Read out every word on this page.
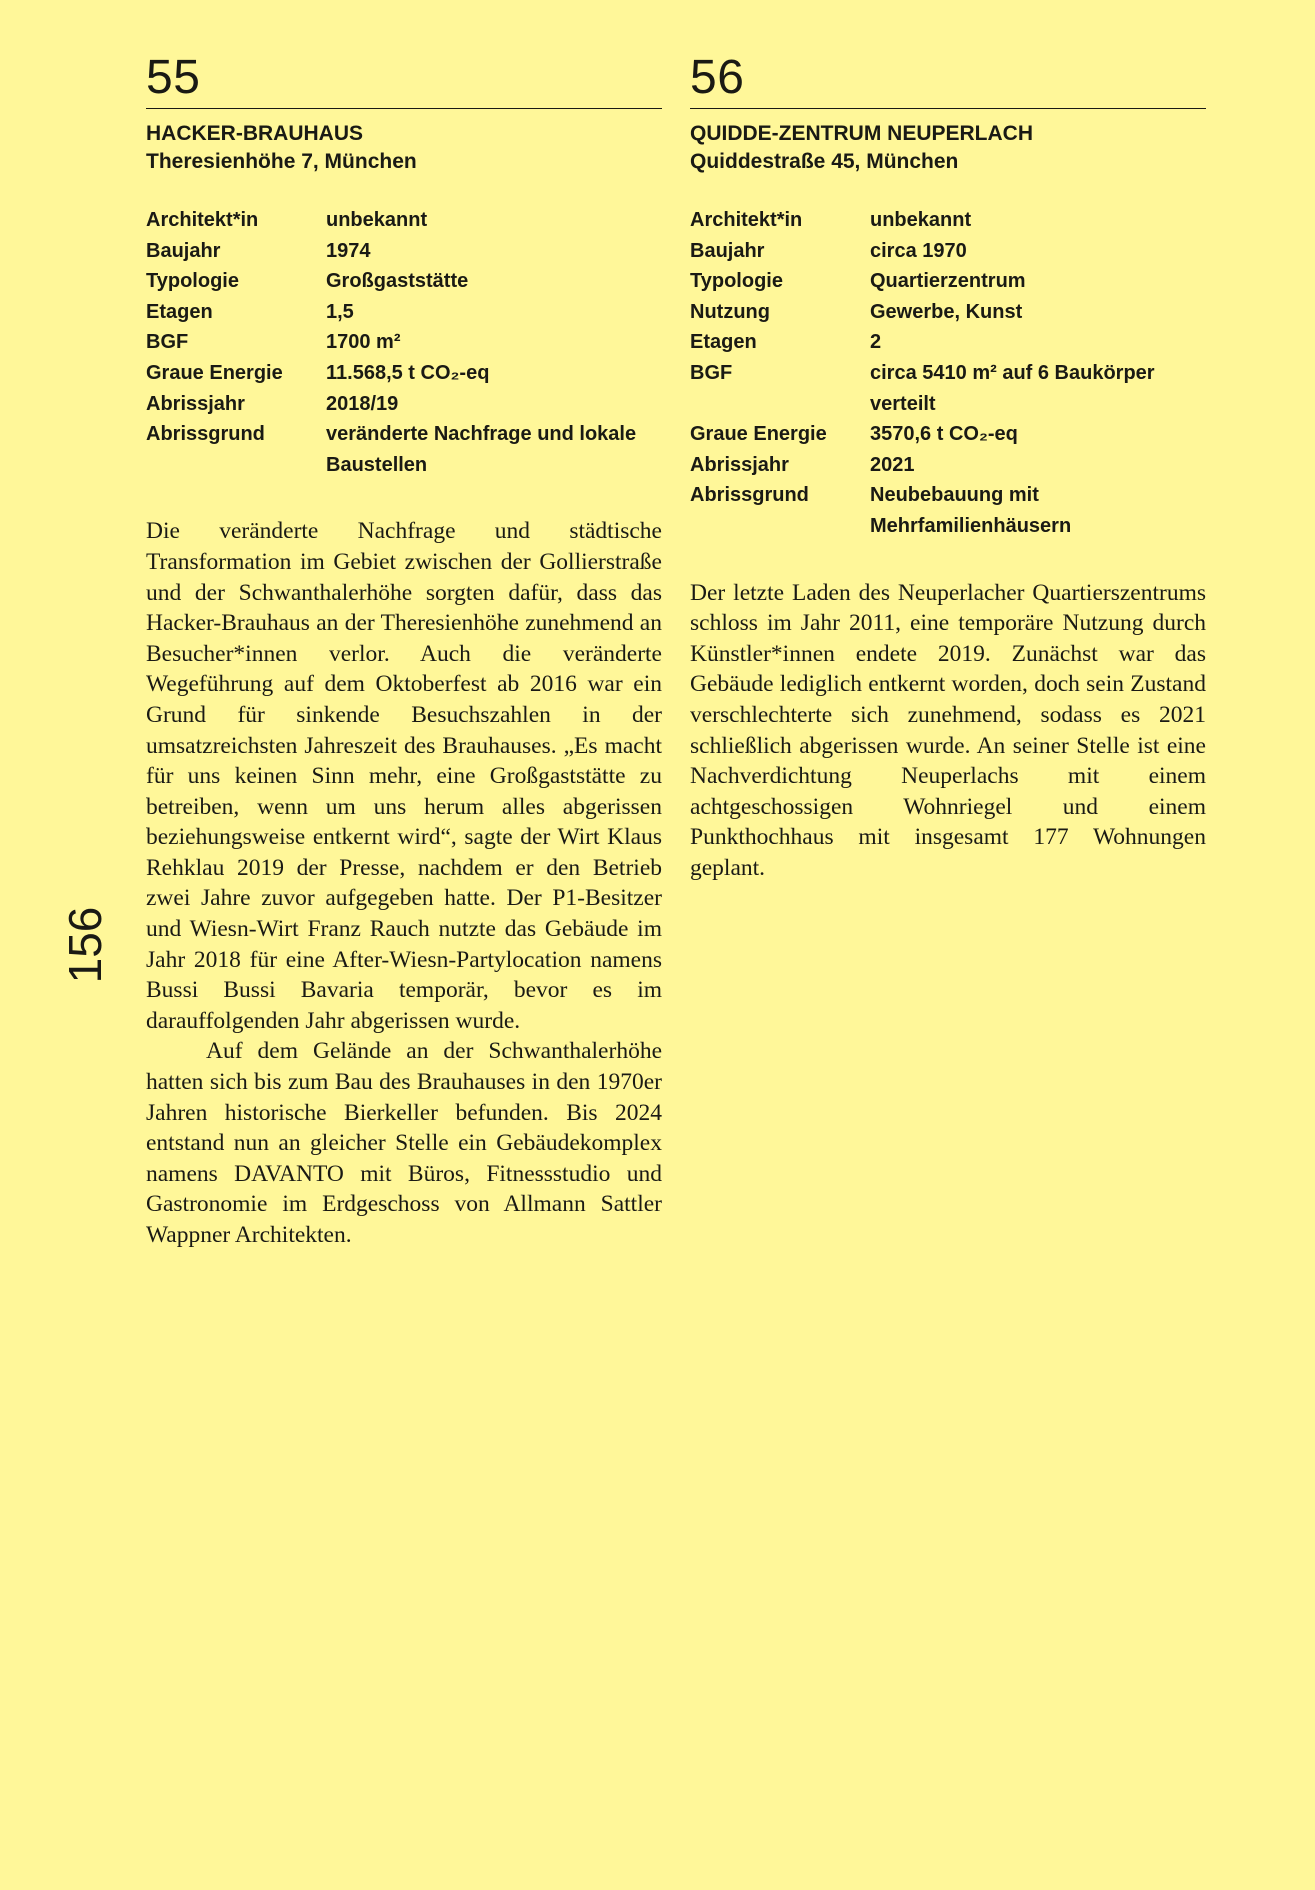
55
HACKER-BRAUHAUS
Theresienhöhe 7, München
Architekt*in	unbekannt
Baujahr	1974
Typologie	Großgaststätte
Etagen	1,5
BGF	1700 m²
Graue Energie	11.568,5 t CO₂-eq
Abrissjahr	2018/19
Abrissgrund	veränderte Nachfrage und lokale Baustellen

Die veränderte Nachfrage und städtische Transformation im Gebiet zwischen der Gollierstraße und der Schwanthalerhöhe sorgten dafür, dass das Hacker-Brauhaus an der Theresienhöhe zunehmend an Besucher*innen verlor. Auch die veränderte Wegeführung auf dem Oktoberfest ab 2016 war ein Grund für sinkende Besuchszahlen in der umsatzreichsten Jahreszeit des Brauhauses. „Es macht für uns keinen Sinn mehr, eine Großgaststätte zu betreiben, wenn um uns herum alles abgerissen beziehungsweise entkernt wird“, sagte der Wirt Klaus Rehklau 2019 der Presse, nachdem er den Betrieb zwei Jahre zuvor aufgegeben hatte. Der P1-Besitzer und Wiesn-Wirt Franz Rauch nutzte das Gebäude im Jahr 2018 für eine After-Wiesn-Partylocation namens Bussi Bussi Bavaria temporär, bevor es im darauffolgenden Jahr abgerissen wurde.

Auf dem Gelände an der Schwanthalerhöhe hatten sich bis zum Bau des Brauhauses in den 1970er Jahren historische Bierkeller befunden. Bis 2024 entstand nun an gleicher Stelle ein Gebäudekomplex namens DAVANTO mit Büros, Fitnessstudio und Gastronomie im Erdgeschoss von Allmann Sattler Wappner Architekten.

56
QUIDDE-ZENTRUM NEUPERLACH
Quiddestraße 45, München
Architekt*in	unbekannt
Baujahr	circa 1970
Typologie	Quartierzentrum
Nutzung	Gewerbe, Kunst
Etagen	2
BGF	circa 5410 m² auf 6 Baukörper verteilt
Graue Energie	3570,6 t CO₂-eq
Abrissjahr	2021
Abrissgrund	Neubebauung mit Mehrfamilienhäusern

Der letzte Laden des Neuperlacher Quartierszentrums schloss im Jahr 2011, eine temporäre Nutzung durch Künstler*innen endete 2019. Zunächst war das Gebäude lediglich entkernt worden, doch sein Zustand verschlechterte sich zunehmend, sodass es 2021 schließlich abgerissen wurde. An seiner Stelle ist eine Nachverdichtung Neuperlachs mit einem achtgeschossigen Wohnriegel und einem Punkthochhaus mit insgesamt 177 Wohnungen geplant.

156
